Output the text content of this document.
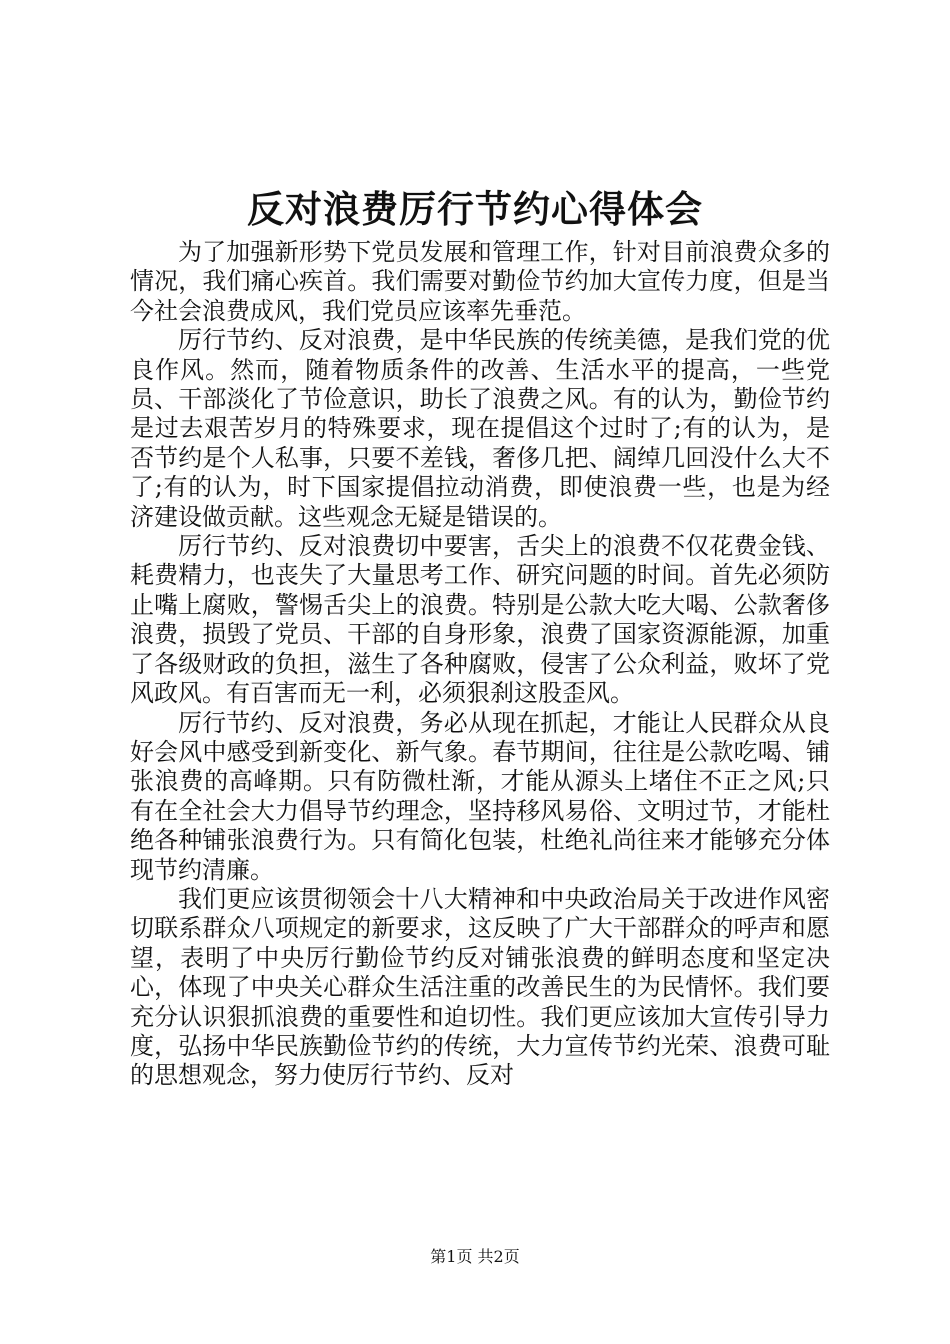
反对浪费厉行节约心得体会

为了加强新形势下党员发展和管理工作，针对目前浪费众多的情况，我们痛心疾首。我们需要对勤俭节约加大宣传力度，但是当今社会浪费成风，我们党员应该率先垂范。

厉行节约、反对浪费，是中华民族的传统美德，是我们党的优良作风。然而，随着物质条件的改善、生活水平的提高，一些党员、干部淡化了节俭意识，助长了浪费之风。有的认为，勤俭节约是过去艰苦岁月的特殊要求，现在提倡这个过时了;有的认为，是否节约是个人私事，只要不差钱，奢侈几把、阔绰几回没什么大不了;有的认为，时下国家提倡拉动消费，即使浪费一些，也是为经济建设做贡献。这些观念无疑是错误的。

厉行节约、反对浪费切中要害，舌尖上的浪费不仅花费金钱、耗费精力，也丧失了大量思考工作、研究问题的时间。首先必须防止嘴上腐败，警惕舌尖上的浪费。特别是公款大吃大喝、公款奢侈浪费，损毁了党员、干部的自身形象，浪费了国家资源能源，加重了各级财政的负担，滋生了各种腐败，侵害了公众利益，败坏了党风政风。有百害而无一利，必须狠刹这股歪风。

厉行节约、反对浪费，务必从现在抓起，才能让人民群众从良好会风中感受到新变化、新气象。春节期间，往往是公款吃喝、铺张浪费的高峰期。只有防微杜渐，才能从源头上堵住不正之风;只有在全社会大力倡导节约理念，坚持移风易俗、文明过节，才能杜绝各种铺张浪费行为。只有简化包装，杜绝礼尚往来才能够充分体现节约清廉。

我们更应该贯彻领会十八大精神和中央政治局关于改进作风密切联系群众八项规定的新要求，这反映了广大干部群众的呼声和愿望，表明了中央厉行勤俭节约反对铺张浪费的鲜明态度和坚定决心，体现了中央关心群众生活注重的改善民生的为民情怀。我们要充分认识狠抓浪费的重要性和迫切性。我们更应该加大宣传引导力度，弘扬中华民族勤俭节约的传统，大力宣传节约光荣、浪费可耻的思想观念，努力使厉行节约、反对

第1页 共2页
